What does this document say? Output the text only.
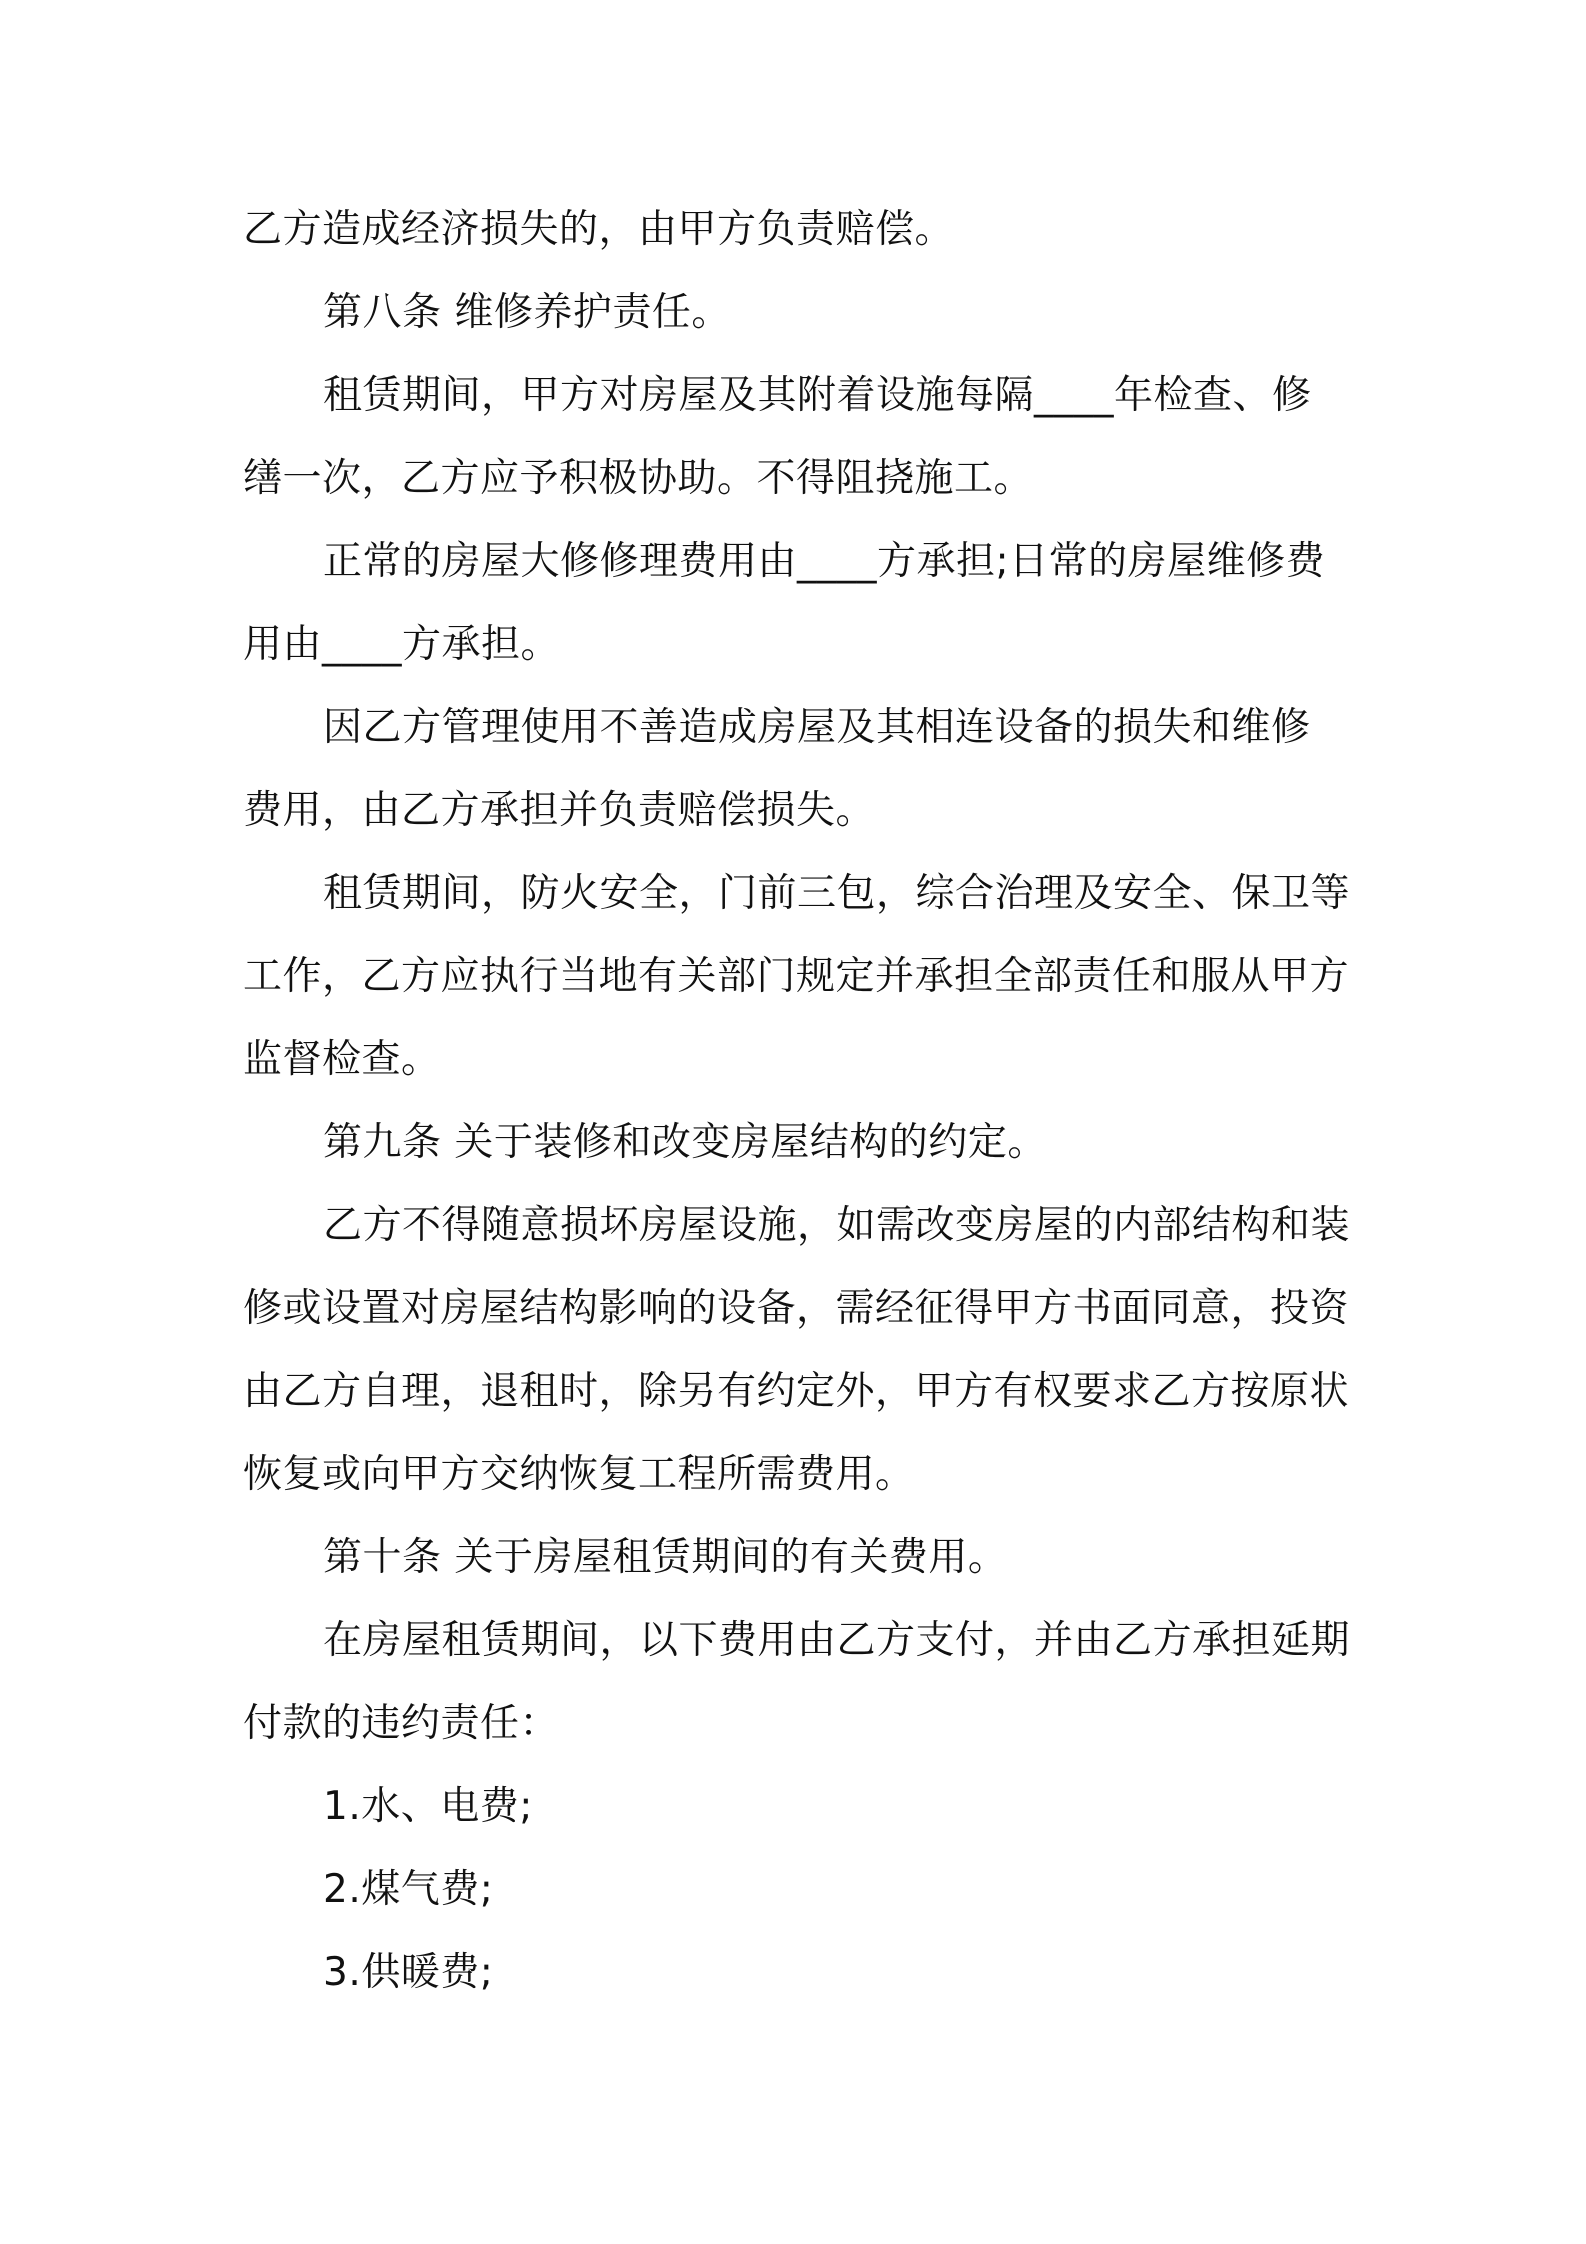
乙方造成经济损失的，由甲方负责赔偿。
第八条 维修养护责任。
租赁期间，甲方对房屋及其附着设施每隔____年检查、修
缮一次，乙方应予积极协助。不得阻挠施工。
正常的房屋大修修理费用由____方承担;日常的房屋维修费
用由____方承担。
因乙方管理使用不善造成房屋及其相连设备的损失和维修
费用，由乙方承担并负责赔偿损失。
租赁期间，防火安全，门前三包，综合治理及安全、保卫等
工作，乙方应执行当地有关部门规定并承担全部责任和服从甲方
监督检查。
第九条 关于装修和改变房屋结构的约定。
乙方不得随意损坏房屋设施，如需改变房屋的内部结构和装
修或设置对房屋结构影响的设备，需经征得甲方书面同意，投资
由乙方自理，退租时，除另有约定外，甲方有权要求乙方按原状
恢复或向甲方交纳恢复工程所需费用。
第十条 关于房屋租赁期间的有关费用。
在房屋租赁期间，以下费用由乙方支付，并由乙方承担延期
付款的违约责任：
1.水、电费;
2.煤气费;
3.供暖费;
